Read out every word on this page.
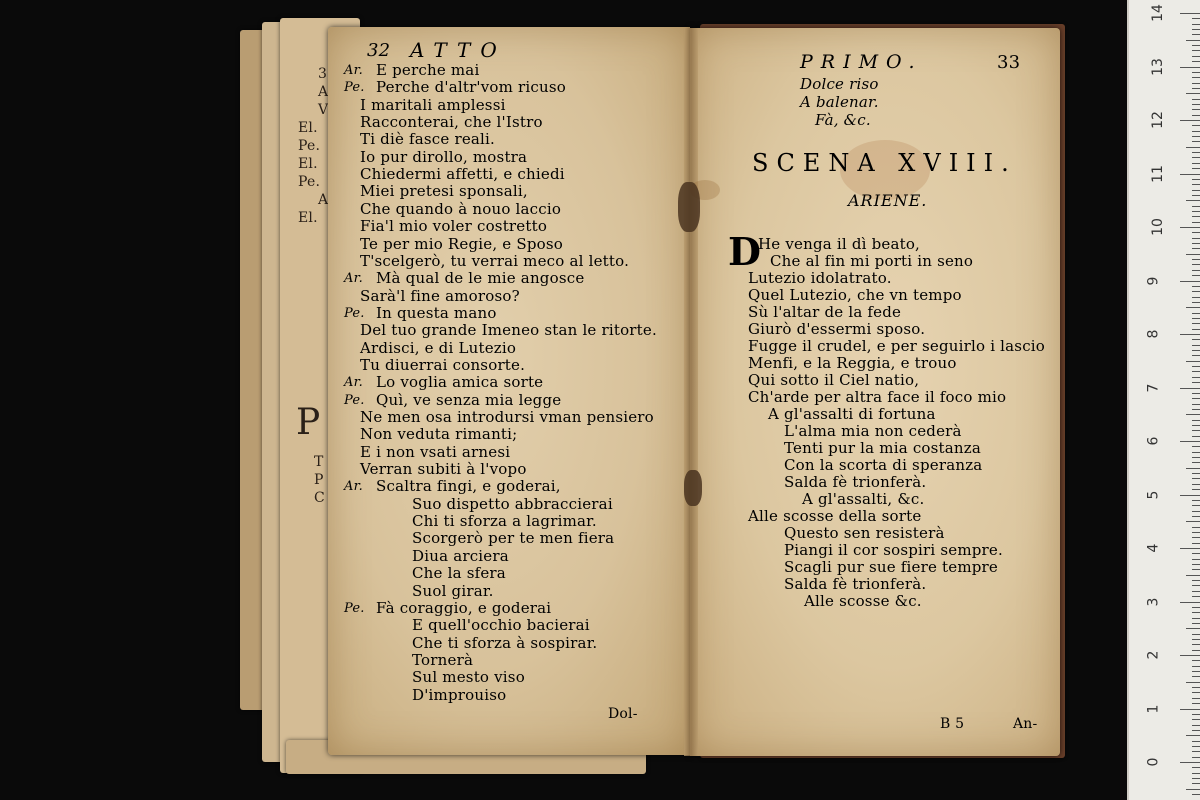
3
A
V
El.
Pe.
El.
Pe.
A
El.
P
T
P
C
32 ATTO
Ar. E perche mai
Pe. Perche d'altr'vom ricuso
I maritali amplessi
Racconterai, che l'Istro
Ti diè fasce reali.
Io pur dirollo, mostra
Chiedermi affetti, e chiedi
Miei pretesi sponsali,
Che quando à nouo laccio
Fia'l mio voler costretto
Te per mio Regie, e Sposo
T'scelgerò, tu verrai meco al letto.
Ar. Mà qual de le mie angosce
Sarà'l fine amoroso?
Pe. In questa mano
Del tuo grande Imeneo stan le ritorte.
Ardisci, e di Lutezio
Tu diuerrai consorte.
Ar. Lo voglia amica sorte
Pe. Quì, ve senza mia legge
Ne men osa introdursi vman pensiero
Non veduta rimanti;
E i non vsati arnesi
Verran subiti à l'vopo
Ar. Scaltra fingi, e goderai,
Suo dispetto abbraccierai
Chi ti sforza a lagrimar.
Scorgerò per te men fiera
Diua arciera
Che la sfera
Suol girar.
Pe. Fà coraggio, e goderai
E quell'occhio bacierai
Che ti sforza à sospirar.
Tornerà
Sul mesto viso
D'improuiso
Dol-
PRIMO.	33
Dolce riso
A balenar.
Fà, &c.
SCENA XVIII.
ARIENE.
D
He venga il dì beato,
Che al fin mi porti in seno
Lutezio idolatrato.
Quel Lutezio, che vn tempo
Sù l'altar de la fede
Giurò d'essermi sposo.
Fugge il crudel, e per seguirlo i lascio
Menfi, e la Reggia, e trouo
Qui sotto il Ciel natio,
Ch'arde per altra face il foco mio
A gl'assalti di fortuna
L'alma mia non cederà
Tenti pur la mia costanza
Con la scorta di speranza
Salda fè trionferà.
A gl'assalti, &c.
Alle scosse della sorte
Questo sen resisterà
Piangi il cor sospiri sempre.
Scagli pur sue fiere tempre
Salda fè trionferà.
Alle scosse &c.
B 5	An-
14
13
12
11
10
9
8
7
6
5
4
3
2
1
0
